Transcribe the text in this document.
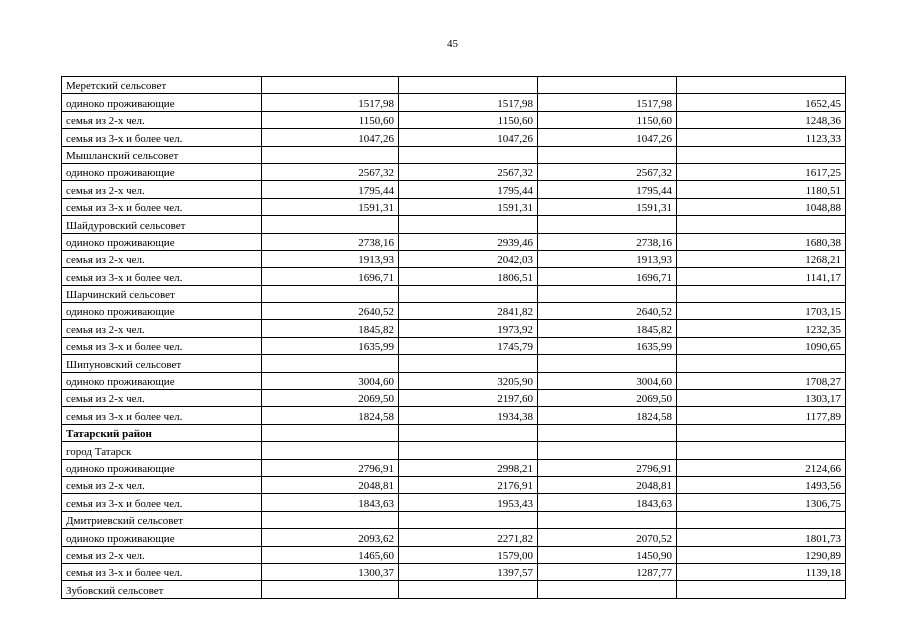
45
Меретский сельсовет				
одиноко проживающие	1517,98	1517,98	1517,98	1652,45
семья из 2-х чел.	1150,60	1150,60	1150,60	1248,36
семья из 3-х и более чел.	1047,26	1047,26	1047,26	1123,33
Мышланский сельсовет				
одиноко проживающие	2567,32	2567,32	2567,32	1617,25
семья из 2-х чел.	1795,44	1795,44	1795,44	1180,51
семья из 3-х и более чел.	1591,31	1591,31	1591,31	1048,88
Шайдуровский сельсовет				
одиноко проживающие	2738,16	2939,46	2738,16	1680,38
семья из 2-х чел.	1913,93	2042,03	1913,93	1268,21
семья из 3-х и более чел.	1696,71	1806,51	1696,71	1141,17
Шарчинский сельсовет				
одиноко проживающие	2640,52	2841,82	2640,52	1703,15
семья из 2-х чел.	1845,82	1973,92	1845,82	1232,35
семья из 3-х и более чел.	1635,99	1745,79	1635,99	1090,65
Шипуновский сельсовет				
одиноко проживающие	3004,60	3205,90	3004,60	1708,27
семья из 2-х чел.	2069,50	2197,60	2069,50	1303,17
семья из 3-х и более чел.	1824,58	1934,38	1824,58	1177,89
Татарский район				
город Татарск				
одиноко проживающие	2796,91	2998,21	2796,91	2124,66
семья из 2-х чел.	2048,81	2176,91	2048,81	1493,56
семья из 3-х и более чел.	1843,63	1953,43	1843,63	1306,75
Дмитриевский сельсовет				
одиноко проживающие	2093,62	2271,82	2070,52	1801,73
семья из 2-х чел.	1465,60	1579,00	1450,90	1290,89
семья из 3-х и более чел.	1300,37	1397,57	1287,77	1139,18
Зубовский сельсовет				
